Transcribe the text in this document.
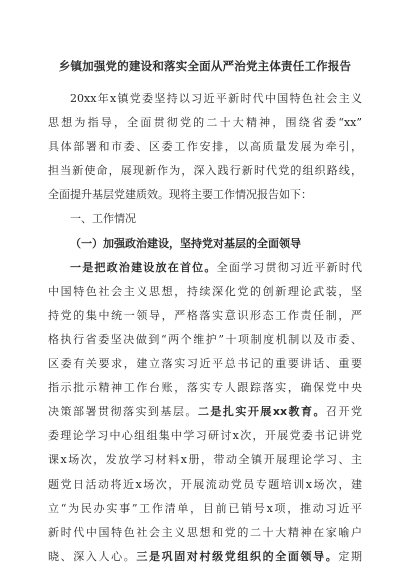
乡镇加强党的建设和落实全面从严治党主体责任工作报告
20xx年x镇党委坚持以习近平新时代中国特色社会主义
思想为指导，全面贯彻党的二十大精神，围绕省委“xx”
具体部署和市委、区委工作安排，以高质量发展为牵引，
担当新使命，展现新作为，深入践行新时代党的组织路线，
全面提升基层党建质效。现将主要工作情况报告如下：
一、工作情况
（一）加强政治建设，坚持党对基层的全面领导
一是把政治建设放在首位。全面学习贯彻习近平新时代
中国特色社会主义思想，持续深化党的创新理论武装，坚
持党的集中统一领导，严格落实意识形态工作责任制，严
格执行省委坚决做到“两个维护”十项制度机制以及市委、
区委有关要求，建立落实习近平总书记的重要讲话、重要
指示批示精神工作台账，落实专人跟踪落实，确保党中央
决策部署贯彻落实到基层。二是扎实开展xx教育。召开党
委理论学习中心组组集中学习研讨x次，开展党委书记讲党
课x场次，发放学习材料x册，带动全镇开展理论学习、主
题党日活动将近x场次，开展流动党员专题培训x场次，建
立“为民办实事”工作清单，目前已销号x项，推动习近平
新时代中国特色社会主义思想和党的二十大精神在家喻户
晓、深入人心。三是巩固对村级党组织的全面领导。定期
